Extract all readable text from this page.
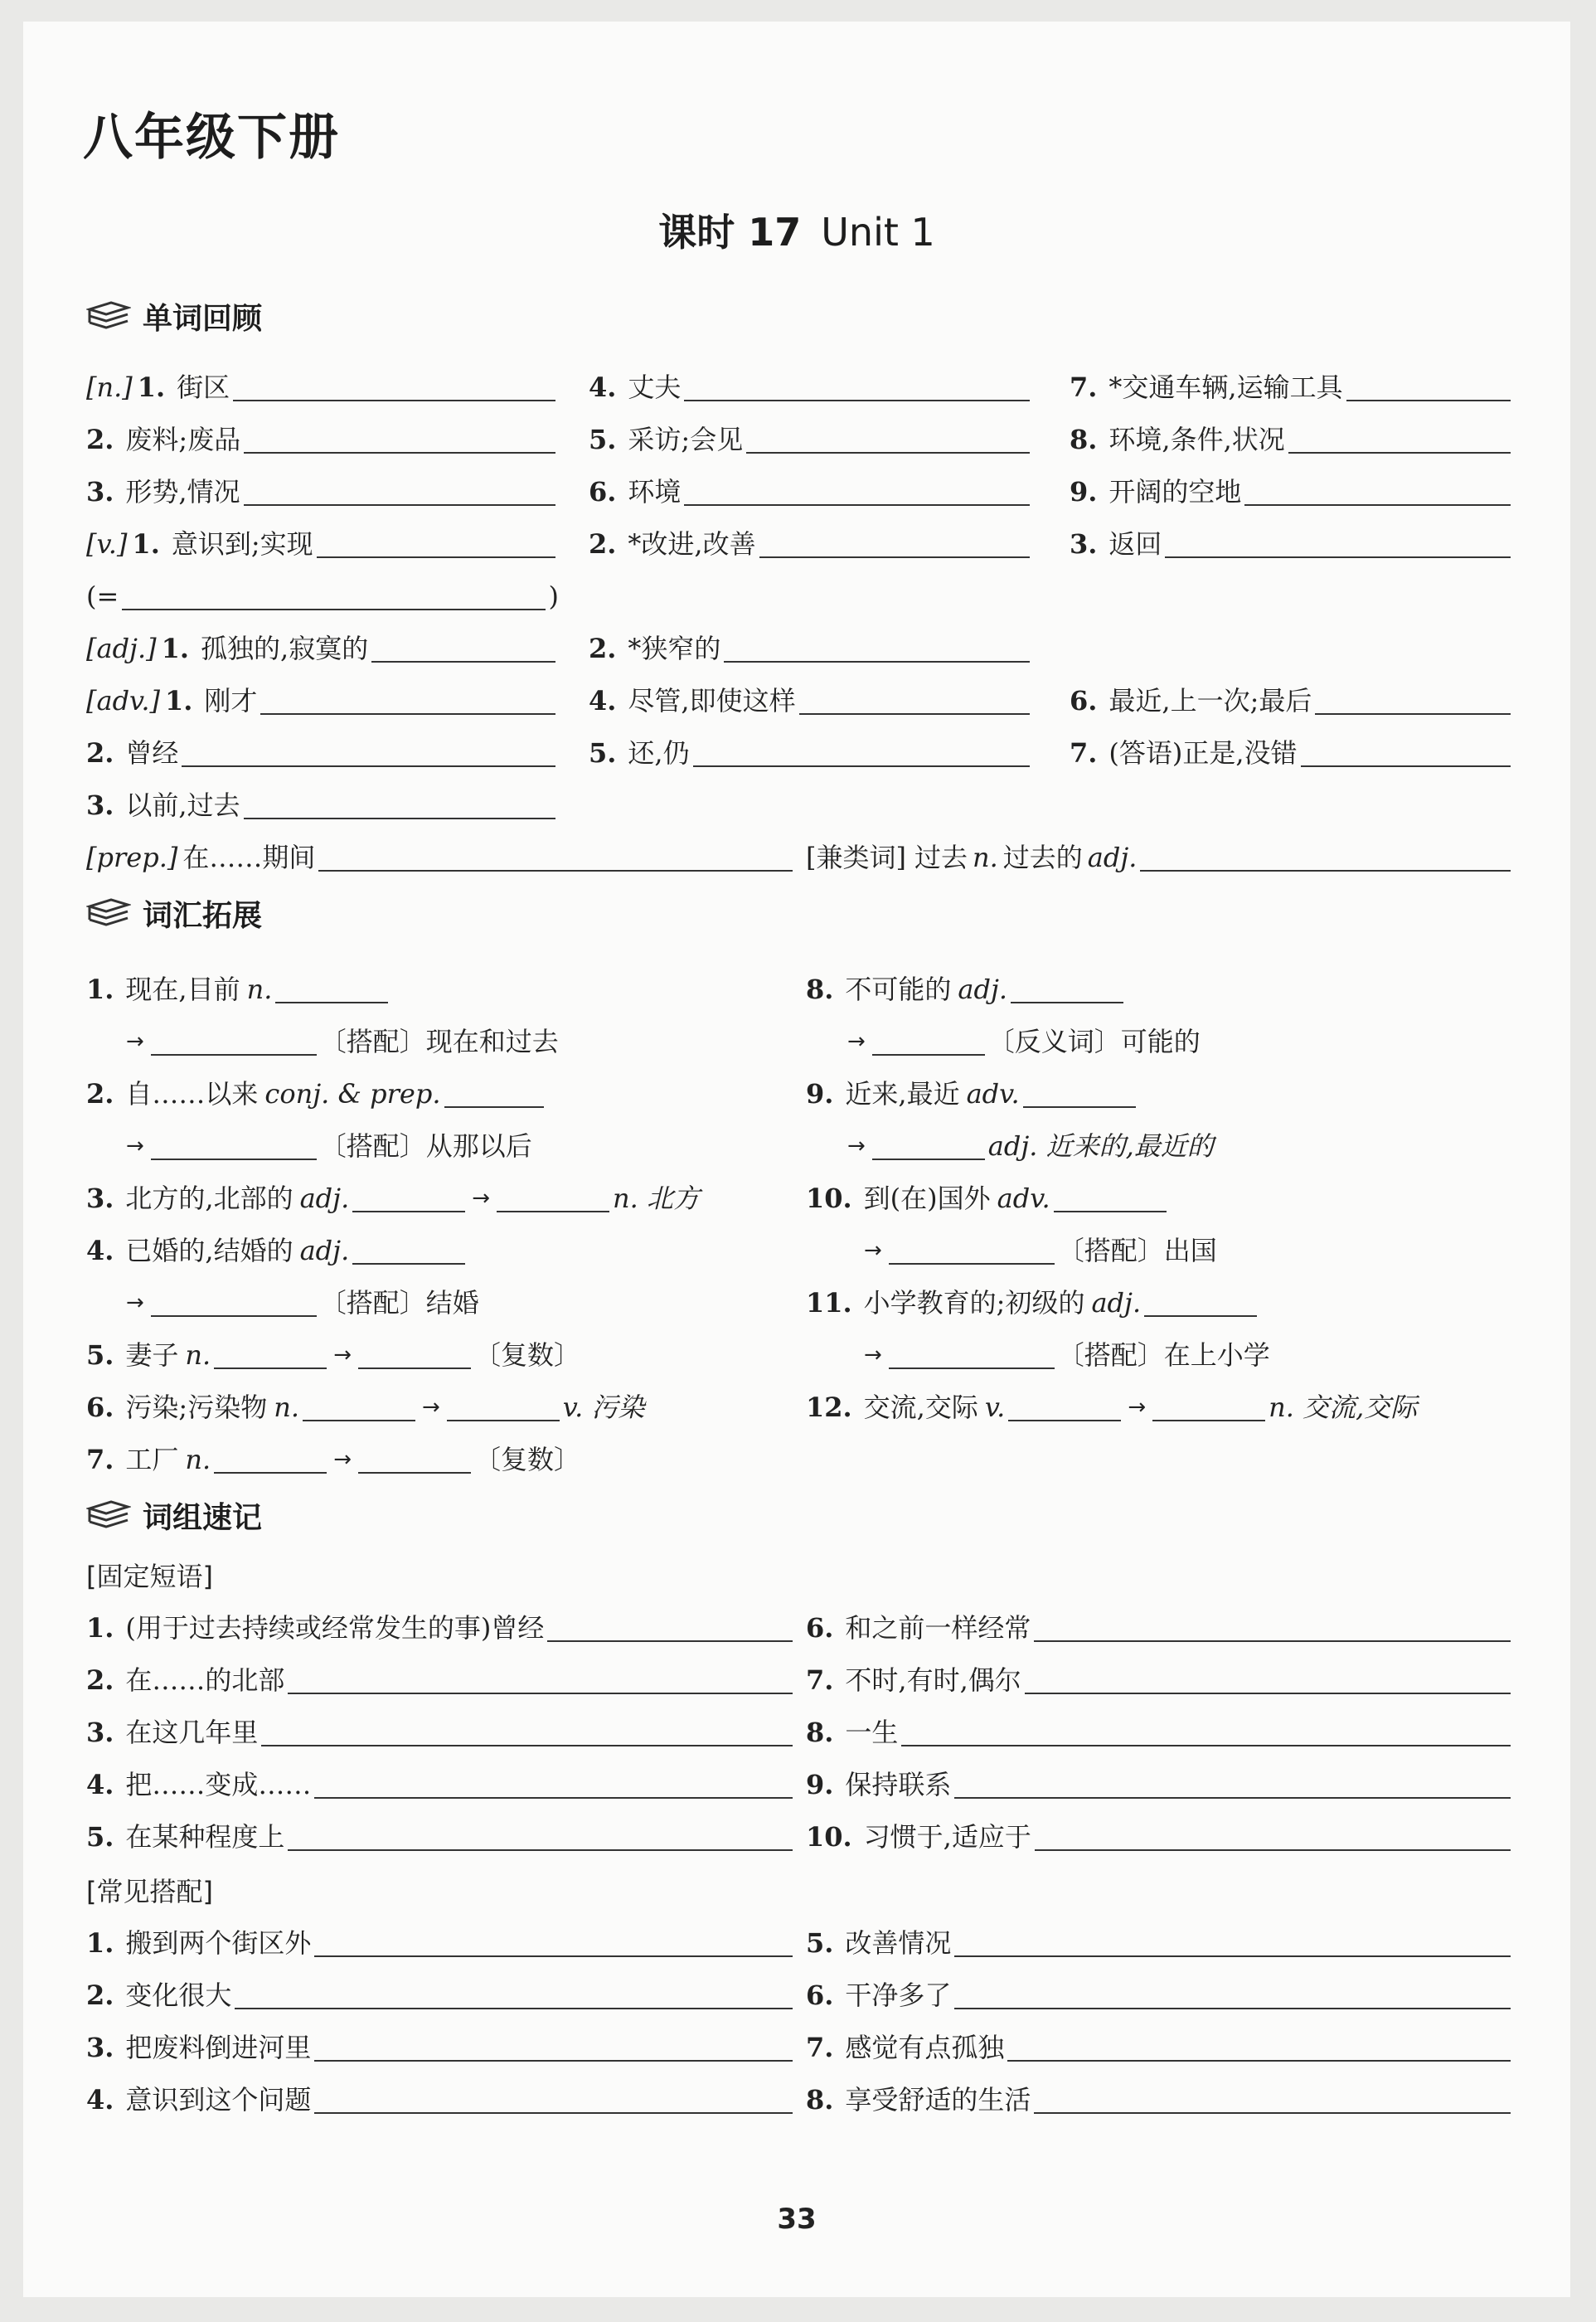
八年级下册
课时 17 Unit 1
单词回顾
[n.] 1. 街区	4. 丈夫	7. *交通车辆,运输工具
2. 废料;废品	5. 采访;会见	8. 环境,条件,状况
3. 形势,情况	6. 环境	9. 开阔的空地
[v.] 1. 意识到;实现	2. *改进,改善	3. 返回
(=	)
[adj.] 1. 孤独的,寂寞的	2. *狭窄的
[adv.] 1. 刚才	4. 尽管,即使这样	6. 最近,上一次;最后
2. 曾经	5. 还,仍	7. (答语)正是,没错
3. 以前,过去
[prep.] 在……期间	[兼类词] 过去 n. 过去的 adj.
词汇拓展
1. 现在,目前 n.
→	〔搭配〕现在和过去
2. 自……以来 conj. & prep.
→	〔搭配〕从那以后
3. 北方的,北部的 adj.	→	n. 北方
4. 已婚的,结婚的 adj.
→	〔搭配〕结婚
5. 妻子 n.	→	〔复数〕
6. 污染;污染物 n.	→	v. 污染
7. 工厂 n.	→	〔复数〕
8. 不可能的 adj.
→	〔反义词〕可能的
9. 近来,最近 adv.
→	adj. 近来的,最近的
10. 到(在)国外 adv.
→	〔搭配〕出国
11. 小学教育的;初级的 adj.
→	〔搭配〕在上小学
12. 交流,交际 v.	→	n. 交流,交际
词组速记
[固定短语]
1. (用于过去持续或经常发生的事)曾经
2. 在……的北部
3. 在这几年里
4. 把……变成……
5. 在某种程度上
6. 和之前一样经常
7. 不时,有时,偶尔
8. 一生
9. 保持联系
10. 习惯于,适应于
[常见搭配]
1. 搬到两个街区外
2. 变化很大
3. 把废料倒进河里
4. 意识到这个问题
5. 改善情况
6. 干净多了
7. 感觉有点孤独
8. 享受舒适的生活
33
